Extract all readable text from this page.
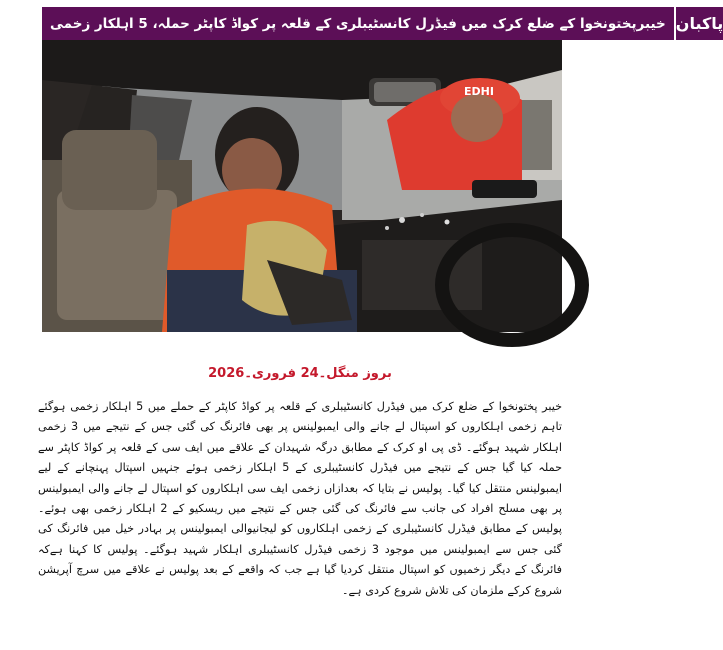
خیبرپختونخوا کے ضلع کرک میں فیڈرل کانسٹیبلری کے قلعہ پر کواڈ کاپٹر حملہ، 5 اہلکار زخمی پاکبان
EDHI
بروز منگل۔24 فروری۔2026
خیبر پختونخوا کے ضلع کرک میں فیڈرل کانسٹیبلری کے قلعہ پر کواڈ کاپٹر کے حملے میں 5 اہلکار زخمی ہوگئے تاہم زخمی اہلکاروں کو اسپتال لے جانے والی ایمبولینس پر بھی فائرنگ کی گئی جس کے نتیجے میں 3 زخمی اہلکار شہید ہوگئے۔ ڈی پی او کرک کے مطابق درگہ شہیدان کے علاقے میں ایف سی کے قلعہ پر کواڈ کاپٹر سے حملہ کیا گیا جس کے نتیجے میں فیڈرل کانسٹیبلری کے 5 اہلکار زخمی ہوئے جنہیں اسپتال پہنچانے کے لیے ایمبولینس منتقل کیا گیا۔ پولیس نے بتایا کہ بعدازاں زخمی ایف سی اہلکاروں کو اسپتال لے جانے والی ایمبولینس پر بھی مسلح افراد کی جانب سے فائرنگ کی گئی جس کے نتیجے میں ریسکیو کے 2 اہلکار زخمی بھی ہوئے۔ پولیس کے مطابق فیڈرل کانسٹیبلری کے زخمی اہلکاروں کو لیجانیوالی ایمبولینس پر بہادر خیل میں فائرنگ کی گئی جس سے ایمبولینس میں موجود 3 زخمی فیڈرل کانسٹیبلری اہلکار شہید ہوگئے۔ پولیس کا کہنا ہےکہ فائرنگ کے دیگر زخمیوں کو اسپتال منتقل کردیا گیا ہے جب کہ واقعے کے بعد پولیس نے علاقے میں سرچ آپریشن شروع کرکے ملزمان کی تلاش شروع کردی ہے۔
